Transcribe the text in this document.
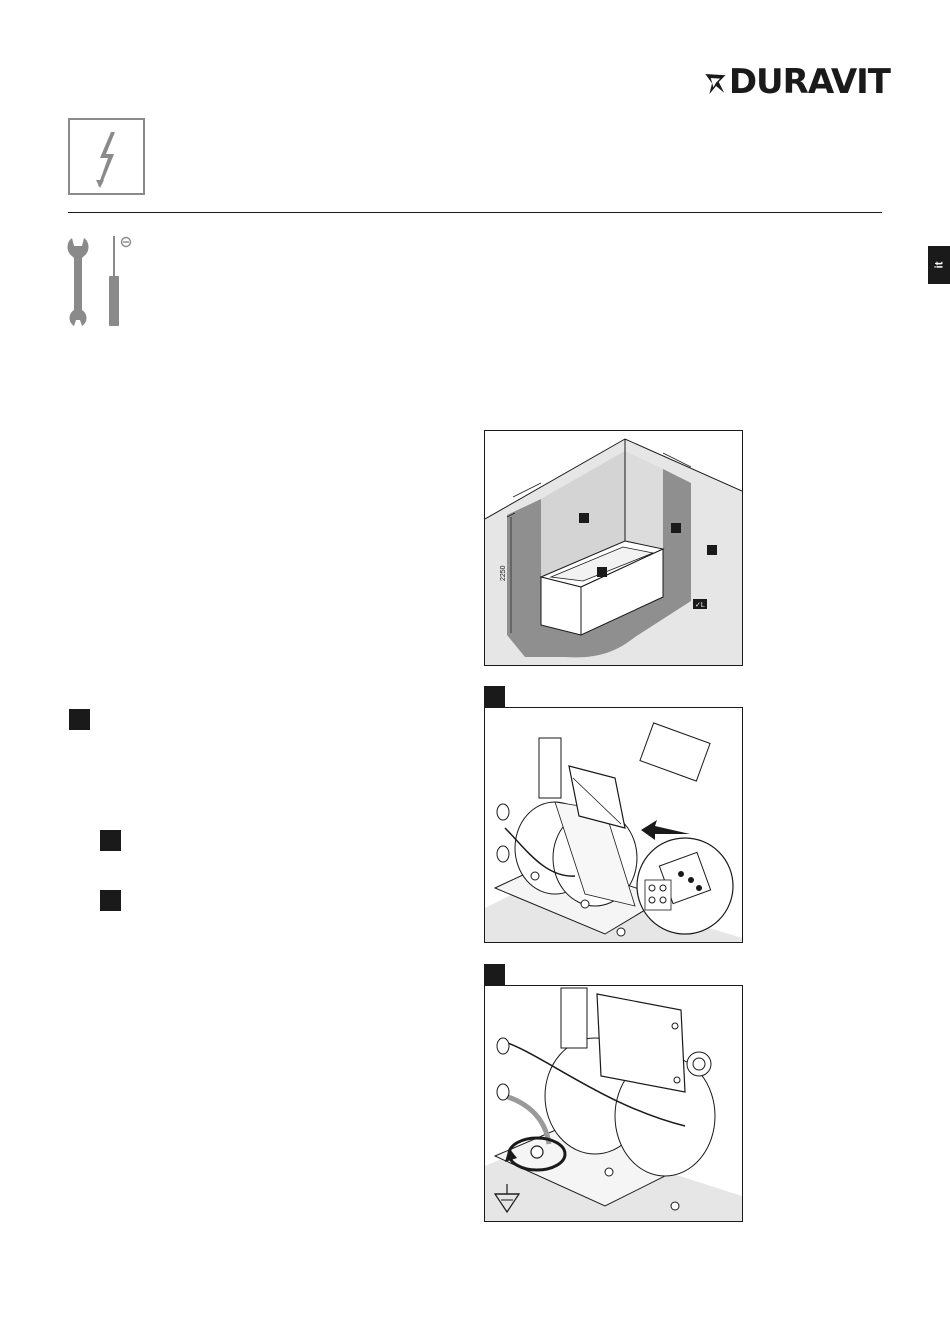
DURAVIT
it
2250
✓L
